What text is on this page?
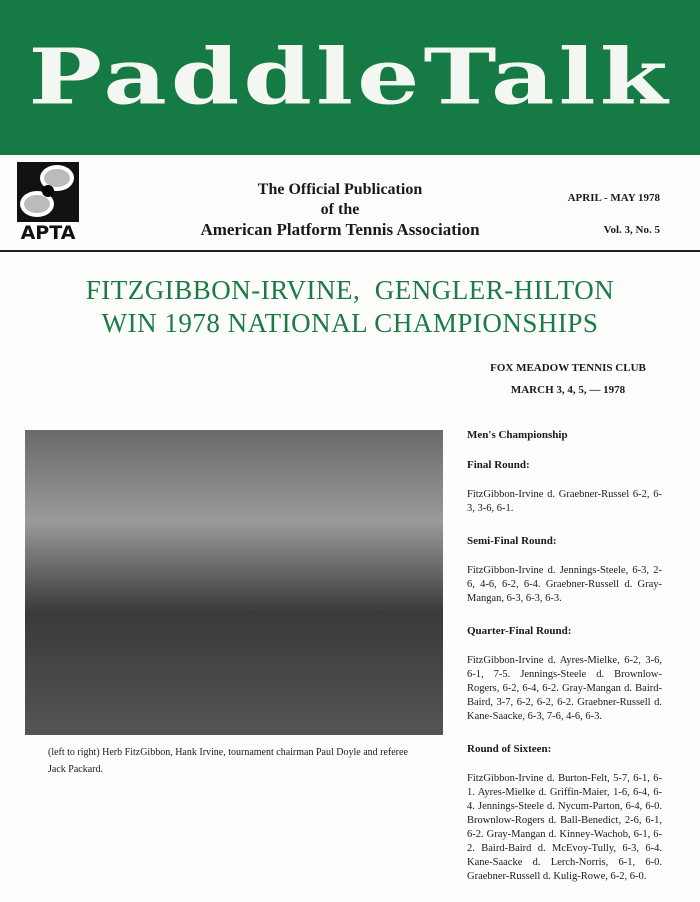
PaddleTalk
APTA
The Official Publication
of the
American Platform Tennis Association
APRIL - MAY 1978
Vol. 3, No. 5
FITZGIBBON-IRVINE,  GENGLER-HILTON
WIN 1978 NATIONAL CHAMPIONSHIPS
FOX MEADOW TENNIS CLUB
MARCH 3, 4, 5, — 1978
(left to right) Herb FitzGibbon, Hank Irvine, tournament chairman Paul Doyle and referee Jack Packard.
Men's Championship
Final Round:

FitzGibbon-Irvine d. Graebner-Russel 6-2, 6-3, 3-6, 6-1.

Semi-Final Round:

FitzGibbon-Irvine d. Jennings-Steele, 6-3, 2-6, 4-6, 6-2, 6-4. Graebner-Russell d. Gray-Mangan, 6-3, 6-3, 6-3.

Quarter-Final Round:

FitzGibbon-Irvine d. Ayres-Mielke, 6-2, 3-6, 6-1, 7-5. Jennings-Steele d. Brownlow-Rogers, 6-2, 6-4, 6-2. Gray-Mangan d. Baird-Baird, 3-7, 6-2, 6-2, 6-2. Graebner-Russell d. Kane-Saacke, 6-3, 7-6, 4-6, 6-3.

Round of Sixteen:

FitzGibbon-Irvine d. Burton-Felt, 5-7, 6-1, 6-1. Ayres-Mielke d. Griffin-Maier, 1-6, 6-4, 6-4. Jennings-Steele d. Nycum-Parton, 6-4, 6-0. Brownlow-Rogers d. Ball-Benedict, 2-6, 6-1, 6-2. Gray-Mangan d. Kinney-Wachob, 6-1, 6-2. Baird-Baird d. McEvoy-Tully, 6-3, 6-4. Kane-Saacke d. Lerch-Norris, 6-1, 6-0. Graebner-Russell d. Kulig-Rowe, 6-2, 6-0.
